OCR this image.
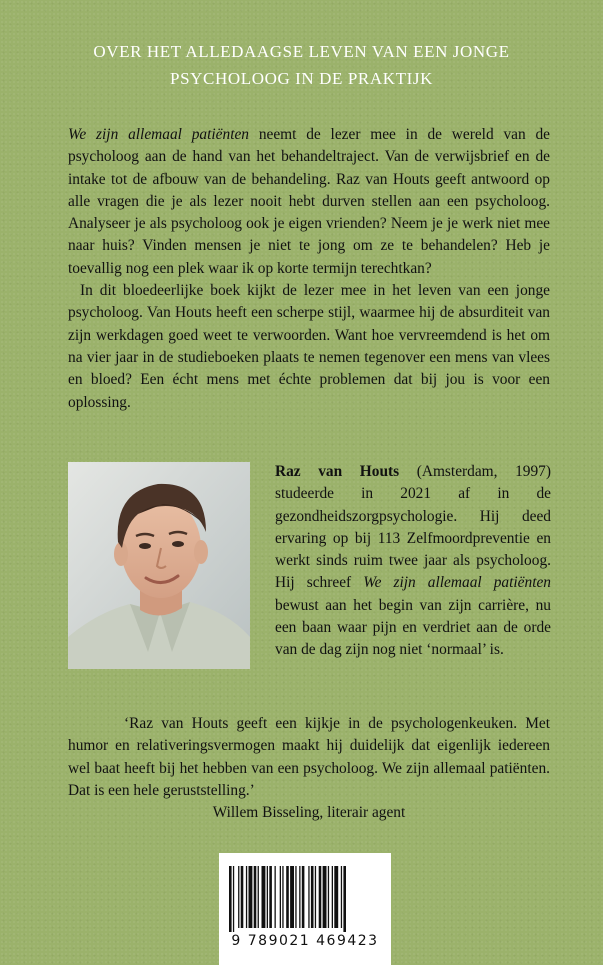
OVER HET ALLEDAAGSE LEVEN VAN EEN JONGE
PSYCHOLOOG IN DE PRAKTIJK

We zijn allemaal patiënten neemt de lezer mee in de wereld van de psycholoog aan de hand van het behandeltraject. Van de verwijsbrief en de intake tot de afbouw van de behandeling. Raz van Houts geeft antwoord op alle vragen die je als lezer nooit hebt durven stellen aan een psycholoog. Analyseer je als psycholoog ook je eigen vrienden? Neem je je werk niet mee naar huis? Vinden mensen je niet te jong om ze te behandelen? Heb je toevallig nog een plek waar ik op korte termijn terechtkan?

In dit bloedeerlijke boek kijkt de lezer mee in het leven van een jonge psycholoog. Van Houts heeft een scherpe stijl, waarmee hij de absurditeit van zijn werkdagen goed weet te verwoorden. Want hoe vervreemdend is het om na vier jaar in de studieboeken plaats te nemen tegenover een mens van vlees en bloed? Een écht mens met échte problemen dat bij jou is voor een oplossing.

Raz van Houts (Amsterdam, 1997) studeerde in 2021 af in de gezondheidszorgpsychologie. Hij deed ervaring op bij 113 Zelfmoordpreventie en werkt sinds ruim twee jaar als psycholoog. Hij schreef We zijn allemaal patiënten bewust aan het begin van zijn carrière, nu een baan waar pijn en verdriet aan de orde van de dag zijn nog niet ‘normaal’ is.

‘Raz van Houts geeft een kijkje in de psychologenkeuken. Met humor en relativeringsvermogen maakt hij duidelijk dat eigenlijk iedereen wel baat heeft bij het hebben van een psycholoog. We zijn allemaal patiënten. Dat is een hele geruststelling.’

Willem Bisseling, literair agent

9 789021 469423
